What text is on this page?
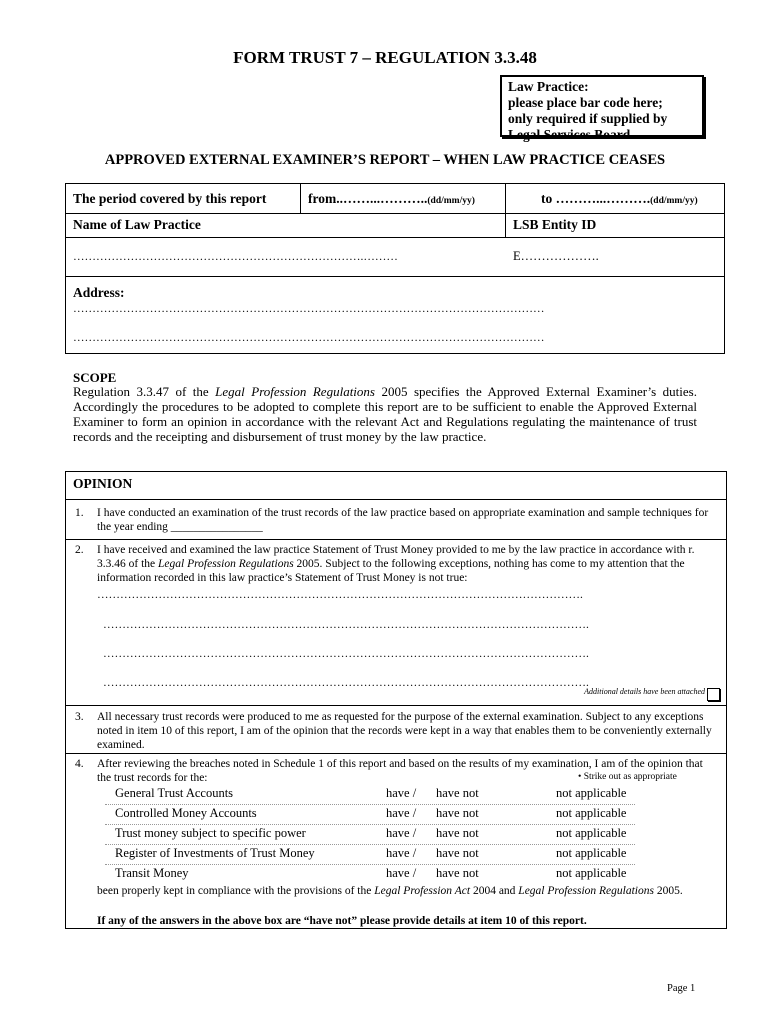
FORM TRUST 7 – REGULATION 3.3.48
Law Practice:
please place bar code here;
only required if supplied by
Legal Services Board
APPROVED EXTERNAL EXAMINER’S REPORT – WHEN LAW PRACTICE CEASES
The period covered by this report	from..……...………..(dd/mm/yy)	to ………...……….(dd/mm/yy)
Name of Law Practice	LSB Entity ID
………………………………………………………………….………	E……………….
Address:
……………………………………………………………………………………………………………
……………………………………………………………………………………………………………
SCOPE
Regulation 3.3.47 of the Legal Profession Regulations 2005 specifies the Approved External Examiner’s duties. Accordingly the procedures to be adopted to complete this report are to be sufficient to enable the Approved External Examiner to form an opinion in accordance with the relevant Act and Regulations regulating the maintenance of trust records and the receipting and disbursement of trust money by the law practice.
OPINION
1. I have conducted an examination of the trust records of the law practice based on appropriate examination and sample techniques for the year ending ________________
2. I have received and examined the law practice Statement of Trust Money provided to me by the law practice in accordance with r. 3.3.46 of the Legal Profession Regulations 2005. Subject to the following exceptions, nothing has come to my attention that the information recorded in this law practice’s Statement of Trust Money is not true:
……………………………………………………………………………………………………………….
……………………………………………………………………………………………………………….
……………………………………………………………………………………………………………….
……………………………………………………………………………………………………………….
Additional details have been attached
3. All necessary trust records were produced to me as requested for the purpose of the external examination. Subject to any exceptions noted in item 10 of this report, I am of the opinion that the records were kept in a way that enables them to be conveniently externally examined.
4. After reviewing the breaches noted in Schedule 1 of this report and based on the results of my examination, I am of the opinion that the trust records for the:	• Strike out as appropriate
General Trust Accounts	have / have not	not applicable
Controlled Money Accounts	have / have not	not applicable
Trust money subject to specific power	have / have not	not applicable
Register of Investments of Trust Money	have / have not	not applicable
Transit Money	have / have not	not applicable
been properly kept in compliance with the provisions of the Legal Profession Act 2004 and Legal Profession Regulations 2005.
If any of the answers in the above box are “have not” please provide details at item 10 of this report.
Page 1
